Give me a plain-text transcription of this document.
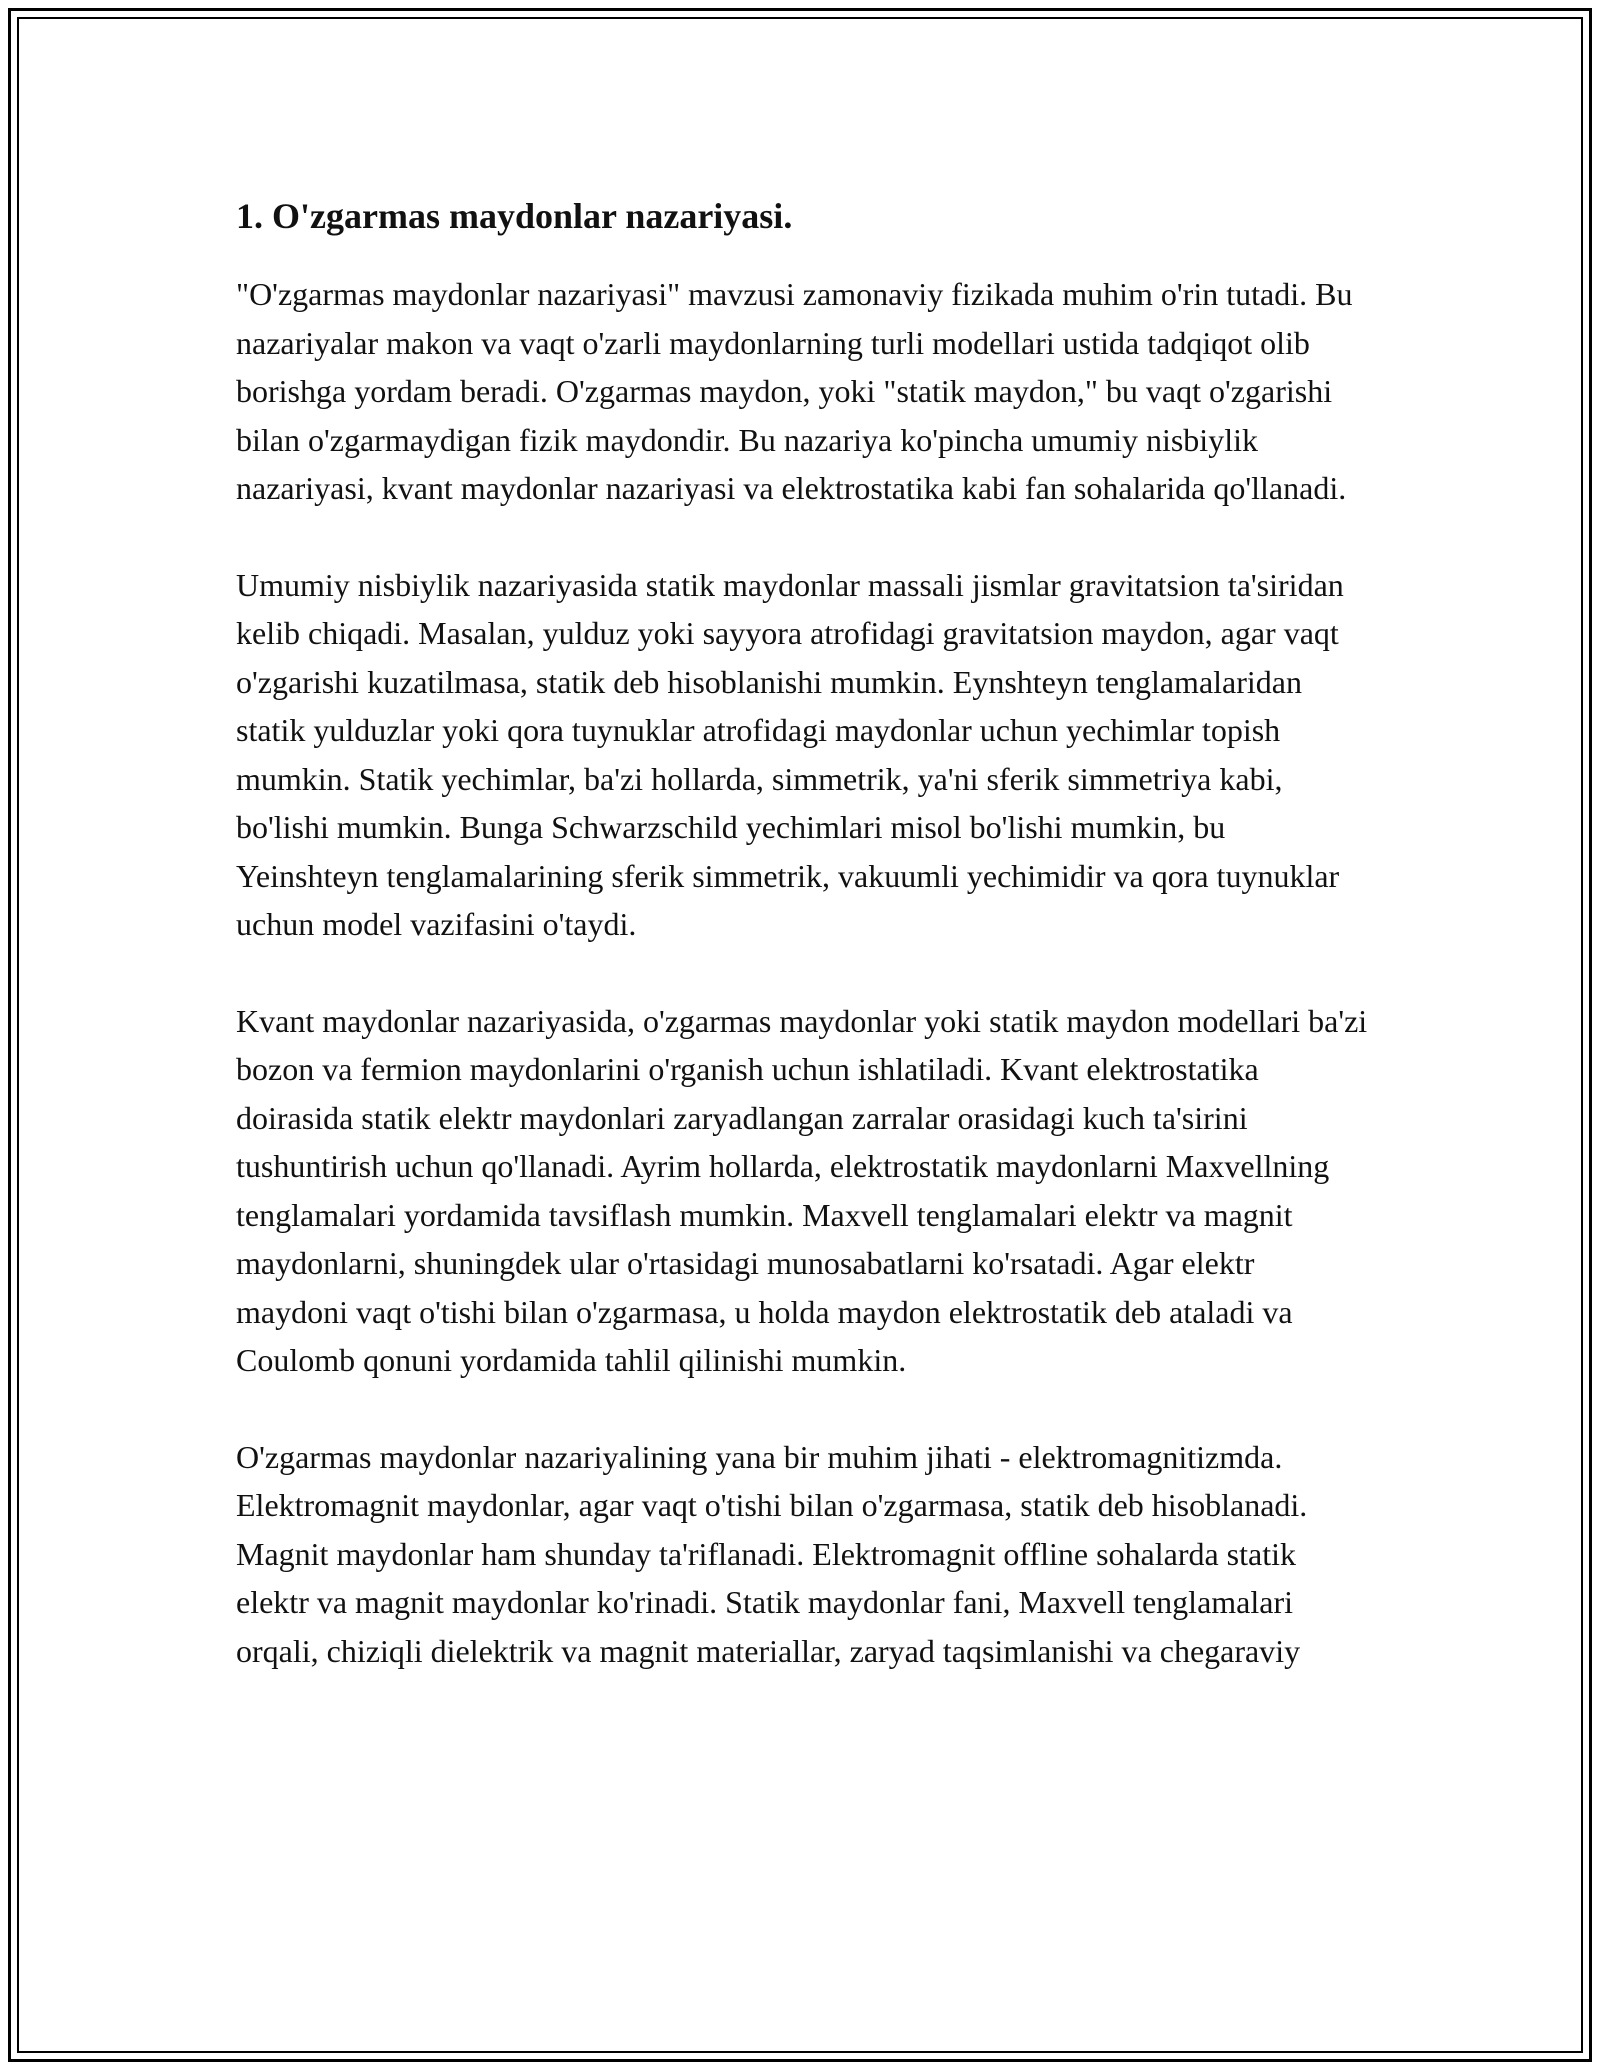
1. O'zgarmas maydonlar nazariyasi.

"O'zgarmas maydonlar nazariyasi" mavzusi zamonaviy fizikada muhim o'rin tutadi. Bu nazariyalar makon va vaqt o'zarli maydonlarning turli modellari ustida tadqiqot olib borishga yordam beradi. O'zgarmas maydon, yoki "statik maydon," bu vaqt o'zgarishi bilan o'zgarmaydigan fizik maydondir. Bu nazariya ko'pincha umumiy nisbiylik nazariyasi, kvant maydonlar nazariyasi va elektrostatika kabi fan sohalarida qo'llanadi.

Umumiy nisbiylik nazariyasida statik maydonlar massali jismlar gravitatsion ta'siridan kelib chiqadi. Masalan, yulduz yoki sayyora atrofidagi gravitatsion maydon, agar vaqt o'zgarishi kuzatilmasa, statik deb hisoblanishi mumkin. Eynshteyn tenglamalaridan statik yulduzlar yoki qora tuynuklar atrofidagi maydonlar uchun yechimlar topish mumkin. Statik yechimlar, ba'zi hollarda, simmetrik, ya'ni sferik simmetriya kabi, bo'lishi mumkin. Bunga Schwarzschild yechimlari misol bo'lishi mumkin, bu Yeinshteyn tenglamalarining sferik simmetrik, vakuumli yechimidir va qora tuynuklar uchun model vazifasini o'taydi.

Kvant maydonlar nazariyasida, o'zgarmas maydonlar yoki statik maydon modellari ba'zi bozon va fermion maydonlarini o'rganish uchun ishlatiladi. Kvant elektrostatika doirasida statik elektr maydonlari zaryadlangan zarralar orasidagi kuch ta'sirini tushuntirish uchun qo'llanadi. Ayrim hollarda, elektrostatik maydonlarni Maxvellning tenglamalari yordamida tavsiflash mumkin. Maxvell tenglamalari elektr va magnit maydonlarni, shuningdek ular o'rtasidagi munosabatlarni ko'rsatadi. Agar elektr maydoni vaqt o'tishi bilan o'zgarmasa, u holda maydon elektrostatik deb ataladi va Coulomb qonuni yordamida tahlil qilinishi mumkin.

O'zgarmas maydonlar nazariyalining yana bir muhim jihati - elektromagnitizmda. Elektromagnit maydonlar, agar vaqt o'tishi bilan o'zgarmasa, statik deb hisoblanadi. Magnit maydonlar ham shunday ta'riflanadi. Elektromagnit offline sohalarda statik elektr va magnit maydonlar ko'rinadi. Statik maydonlar fani, Maxvell tenglamalari orqali, chiziqli dielektrik va magnit materiallar, zaryad taqsimlanishi va chegaraviy
